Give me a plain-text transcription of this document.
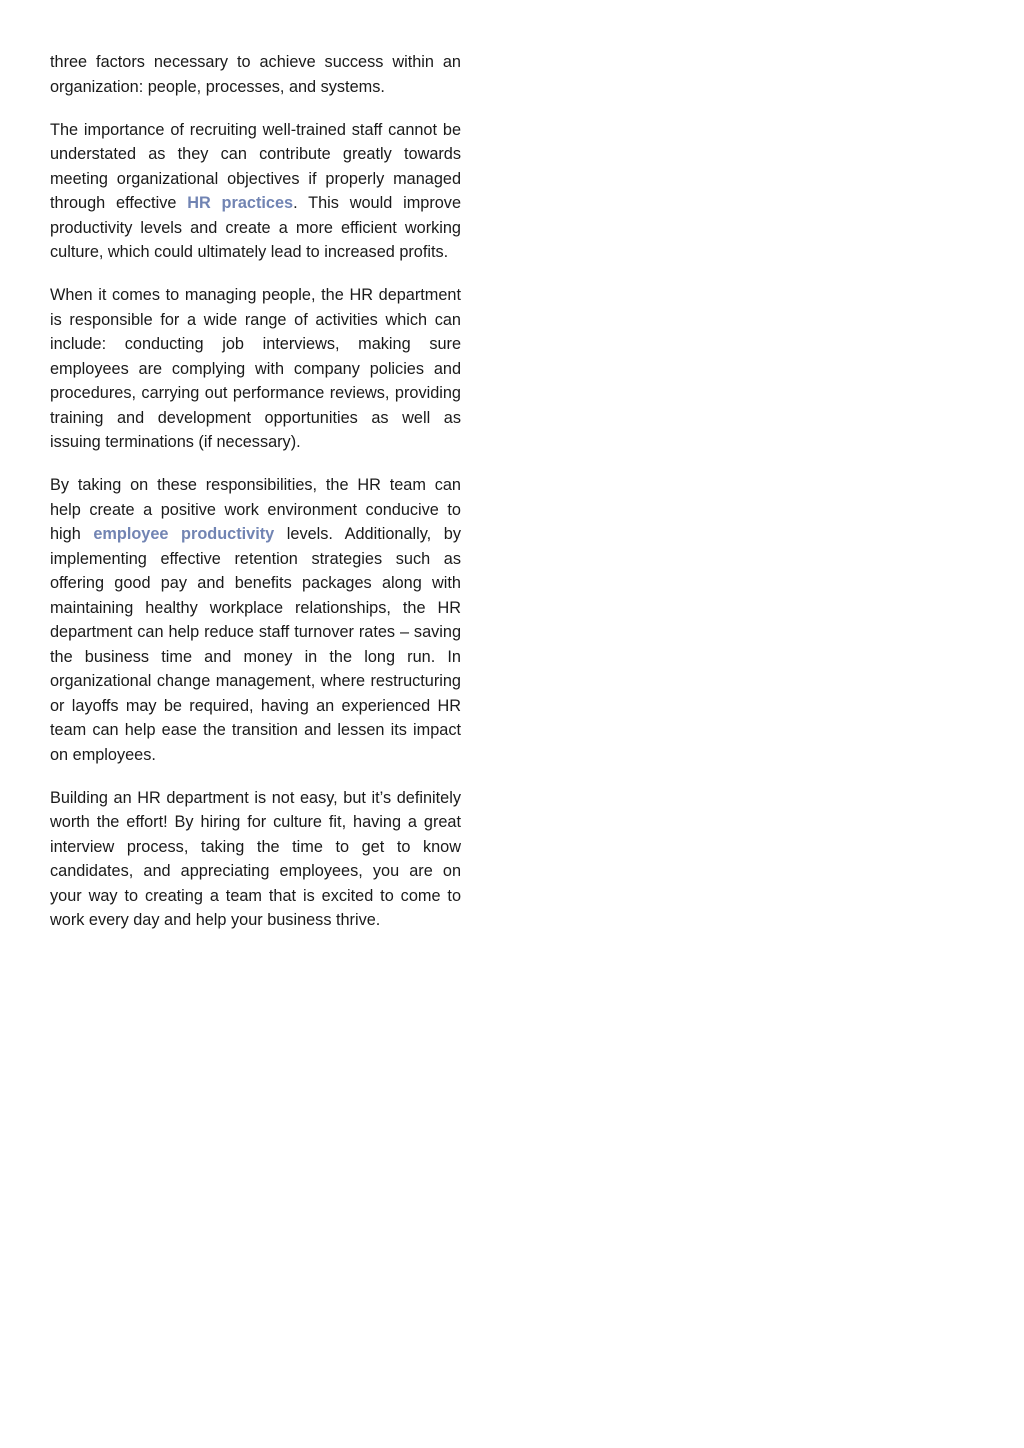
three factors necessary to achieve success within an organization: people, processes, and systems.

The importance of recruiting well-trained staff cannot be understated as they can contribute greatly towards meeting organizational objectives if properly managed through effective HR practices. This would improve productivity levels and create a more efficient working culture, which could ultimately lead to increased profits.

When it comes to managing people, the HR department is responsible for a wide range of activities which can include: conducting job interviews, making sure employees are complying with company policies and procedures, carrying out performance reviews, providing training and development opportunities as well as issuing terminations (if necessary).

By taking on these responsibilities, the HR team can help create a positive work environment conducive to high employee productivity levels. Additionally, by implementing effective retention strategies such as offering good pay and benefits packages along with maintaining healthy workplace relationships, the HR department can help reduce staff turnover rates – saving the business time and money in the long run. In organizational change management, where restructuring or layoffs may be required, having an experienced HR team can help ease the transition and lessen its impact on employees.

Building an HR department is not easy, but it’s definitely worth the effort! By hiring for culture fit, having a great interview process, taking the time to get to know candidates, and appreciating employees, you are on your way to creating a team that is excited to come to work every day and help your business thrive.
